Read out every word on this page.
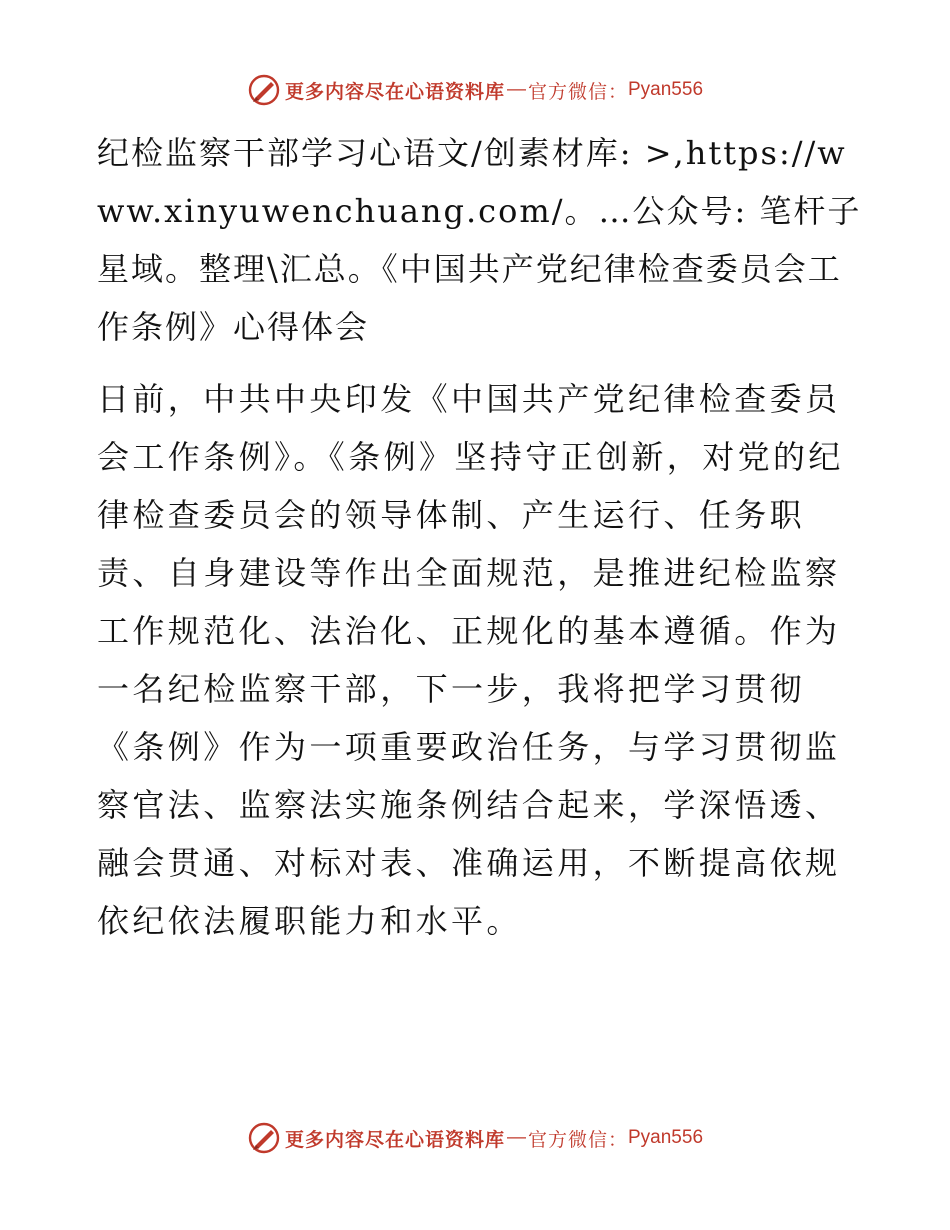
更多内容尽在心语资料库 — 官方微信： Pyan556

纪检监察干部学习心语文/创素材库: >,https://www.xinyuwenchuang.com/。…公众号: 笔杆子星域。整理\汇总。《中国共产党纪律检查委员会工作条例》心得体会

日前，中共中央印发《中国共产党纪律检查委员会工作条例》。《条例》坚持守正创新，对党的纪律检查委员会的领导体制、产生运行、任务职责、自身建设等作出全面规范，是推进纪检监察工作规范化、法治化、正规化的基本遵循。作为一名纪检监察干部，下一步，我将把学习贯彻《条例》作为一项重要政治任务，与学习贯彻监察官法、监察法实施条例结合起来，学深悟透、融会贯通、对标对表、准确运用，不断提高依规依纪依法履职能力和水平。

更多内容尽在心语资料库 — 官方微信： Pyan556
